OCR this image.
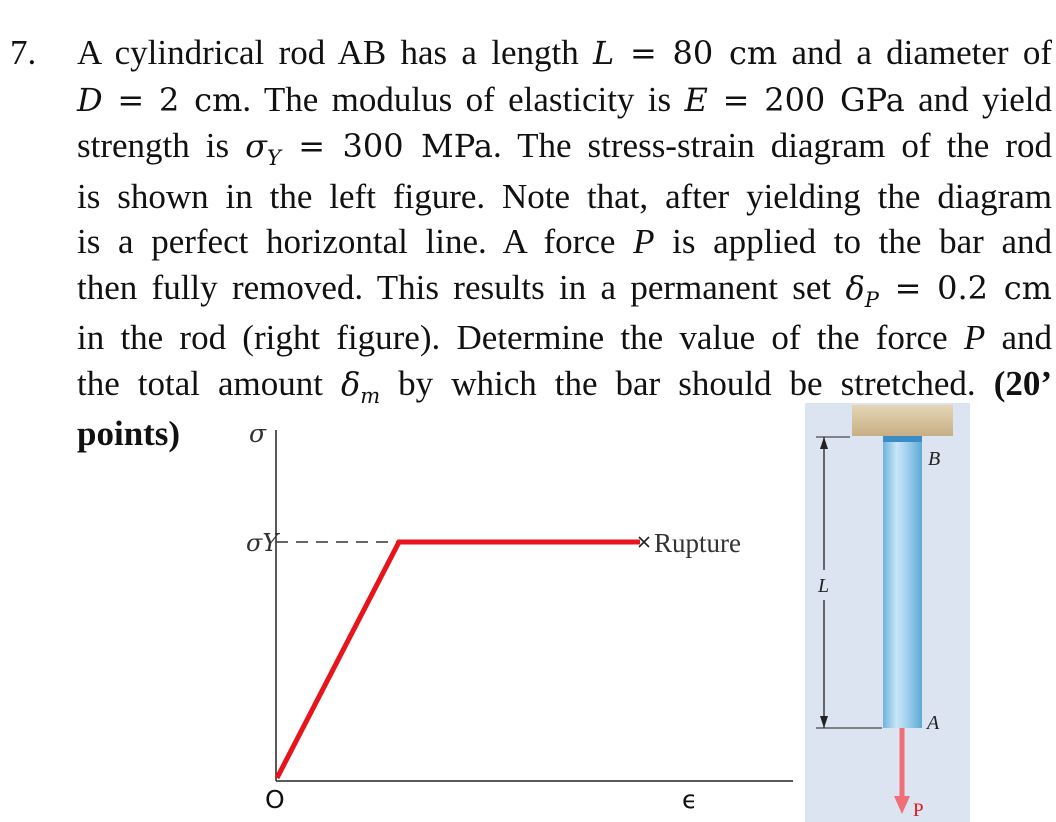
7. A cylindrical rod AB has a length L = 80 cm and a diameter of
D = 2 cm. The modulus of elasticity is E = 200 GPa and yield
strength is $\sigma_Y = 300$ MPa. The stress-strain diagram of the rod
is shown in the left figure. Note that, after yielding the diagram
is a perfect horizontal line. A force P is applied to the bar and
then fully removed. This results in a permanent set $\delta_P = 0.2$ cm
in the rod (right figure). Determine the value of the force P and
the total amount $\delta_m$ by which the bar should be stretched. (20’
points)	σ
σY	Rupture
O	ϵ
L
B
A
P
